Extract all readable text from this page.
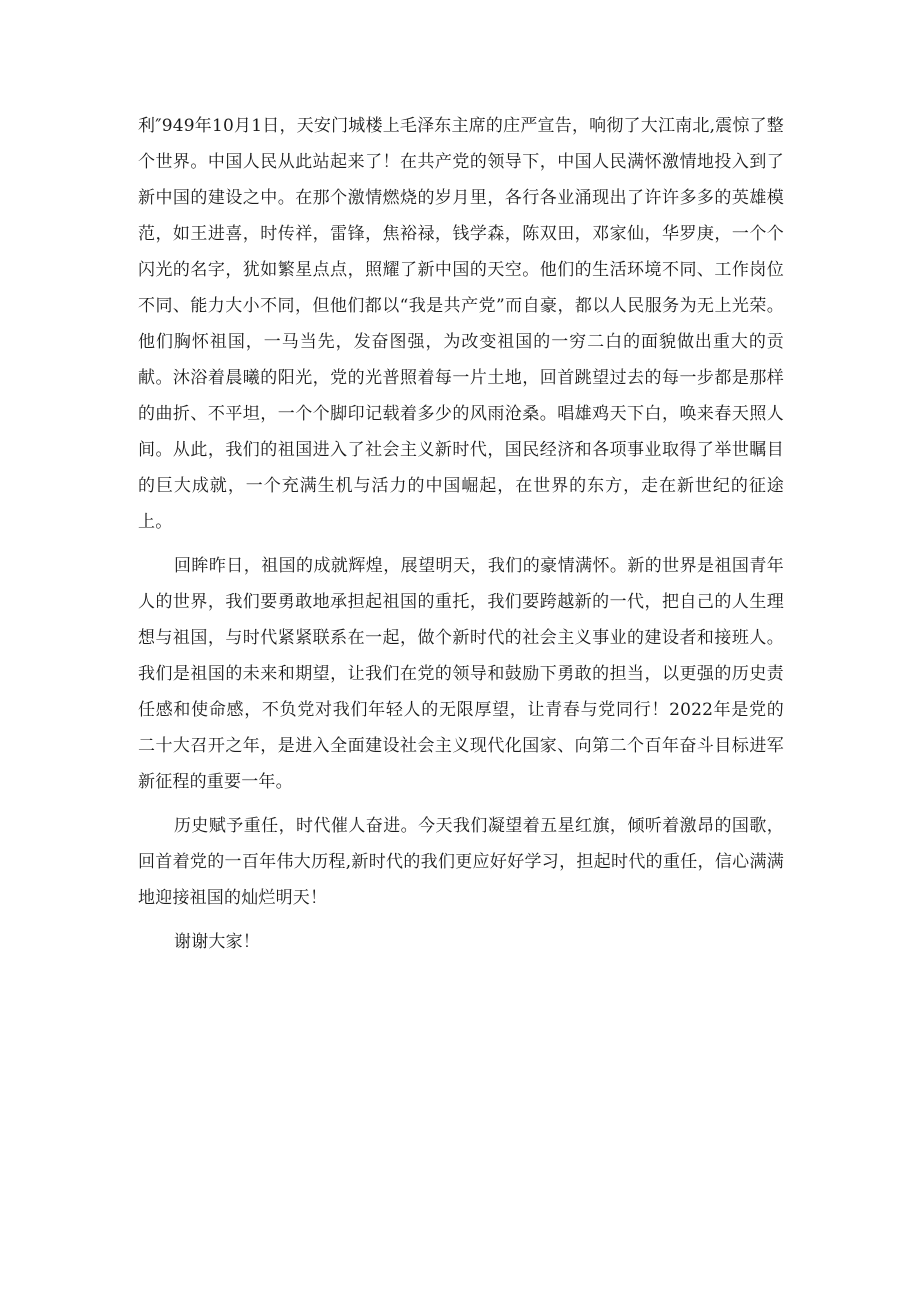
利″949年10月1日，天安门城楼上毛泽东主席的庄严宣告，响彻了大江南北,震惊了整个世界。中国人民从此站起来了！在共产党的领导下，中国人民满怀激情地投入到了新中国的建设之中。在那个激情燃烧的岁月里，各行各业涌现出了许许多多的英雄模范，如王进喜，时传祥，雷锋，焦裕禄，钱学森，陈双田，邓家仙，华罗庚，一个个闪光的名字，犹如繁星点点，照耀了新中国的天空。他们的生活环境不同、工作岗位不同、能力大小不同，但他们都以“我是共产党”而自豪，都以人民服务为无上光荣。他们胸怀祖国，一马当先，发奋图强，为改变祖国的一穷二白的面貌做出重大的贡献。沐浴着晨曦的阳光，党的光普照着每一片土地，回首跳望过去的每一步都是那样的曲折、不平坦，一个个脚印记载着多少的风雨沧桑。唱雄鸡天下白，唤来春天照人间。从此，我们的祖国进入了社会主义新时代，国民经济和各项事业取得了举世瞩目的巨大成就，一个充满生机与活力的中国崛起，在世界的东方，走在新世纪的征途上。

回眸昨日，祖国的成就辉煌，展望明天，我们的豪情满怀。新的世界是祖国青年人的世界，我们要勇敢地承担起祖国的重托，我们要跨越新的一代，把自己的人生理想与祖国，与时代紧紧联系在一起，做个新时代的社会主义事业的建设者和接班人。我们是祖国的未来和期望，让我们在党的领导和鼓励下勇敢的担当，以更强的历史责任感和使命感，不负党对我们年轻人的无限厚望，让青春与党同行！2022年是党的二十大召开之年，是进入全面建设社会主义现代化国家、向第二个百年奋斗目标进军新征程的重要一年。

历史赋予重任，时代催人奋进。今天我们凝望着五星红旗，倾听着激昂的国歌，回首着党的一百年伟大历程,新时代的我们更应好好学习，担起时代的重任，信心满满地迎接祖国的灿烂明天！

谢谢大家！
